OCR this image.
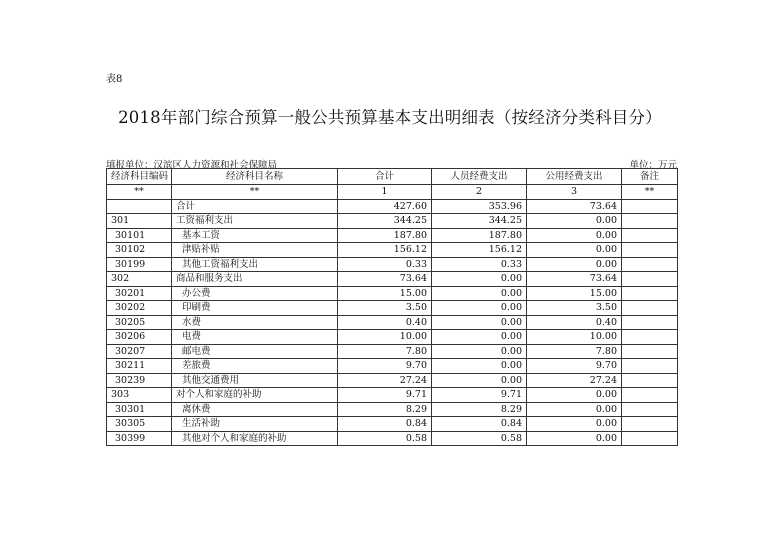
表8
2018年部门综合预算一般公共预算基本支出明细表（按经济分类科目分）
填报单位：汉滨区人力资源和社会保障局	单位：万元
经济科目编码	经济科目名称	合计	人员经费支出	公用经费支出	备注
**	**	1	2	3	**
	合计	427.60	353.96	73.64	
301	工资福利支出	344.25	344.25	0.00	
30101	基本工资	187.80	187.80	0.00	
30102	津贴补贴	156.12	156.12	0.00	
30199	其他工资福利支出	0.33	0.33	0.00	
302	商品和服务支出	73.64	0.00	73.64	
30201	办公费	15.00	0.00	15.00	
30202	印刷费	3.50	0.00	3.50	
30205	水费	0.40	0.00	0.40	
30206	电费	10.00	0.00	10.00	
30207	邮电费	7.80	0.00	7.80	
30211	差旅费	9.70	0.00	9.70	
30239	其他交通费用	27.24	0.00	27.24	
303	对个人和家庭的补助	9.71	9.71	0.00	
30301	离休费	8.29	8.29	0.00	
30305	生活补助	0.84	0.84	0.00	
30399	其他对个人和家庭的补助	0.58	0.58	0.00	
